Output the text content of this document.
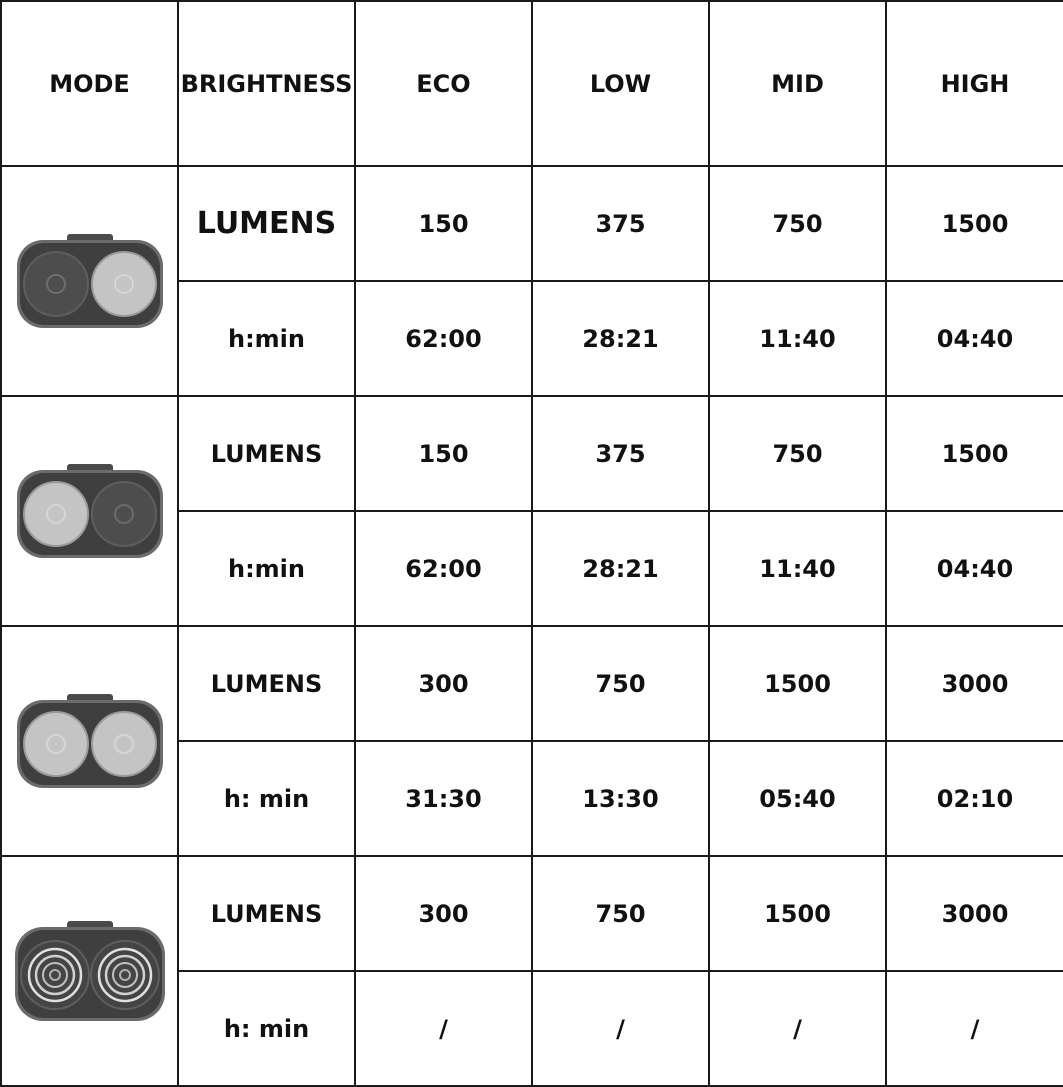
MODE	BRIGHTNESS	ECO	LOW	MID	HIGH

	LUMENS	150	375	750	1500
	h:min	62:00	28:21	11:40	04:40

	LUMENS	150	375	750	1500
	h:min	62:00	28:21	11:40	04:40

	LUMENS	300	750	1500	3000
	h: min	31:30	13:30	05:40	02:10

	LUMENS	300	750	1500	3000
	h: min	/	/	/	/
